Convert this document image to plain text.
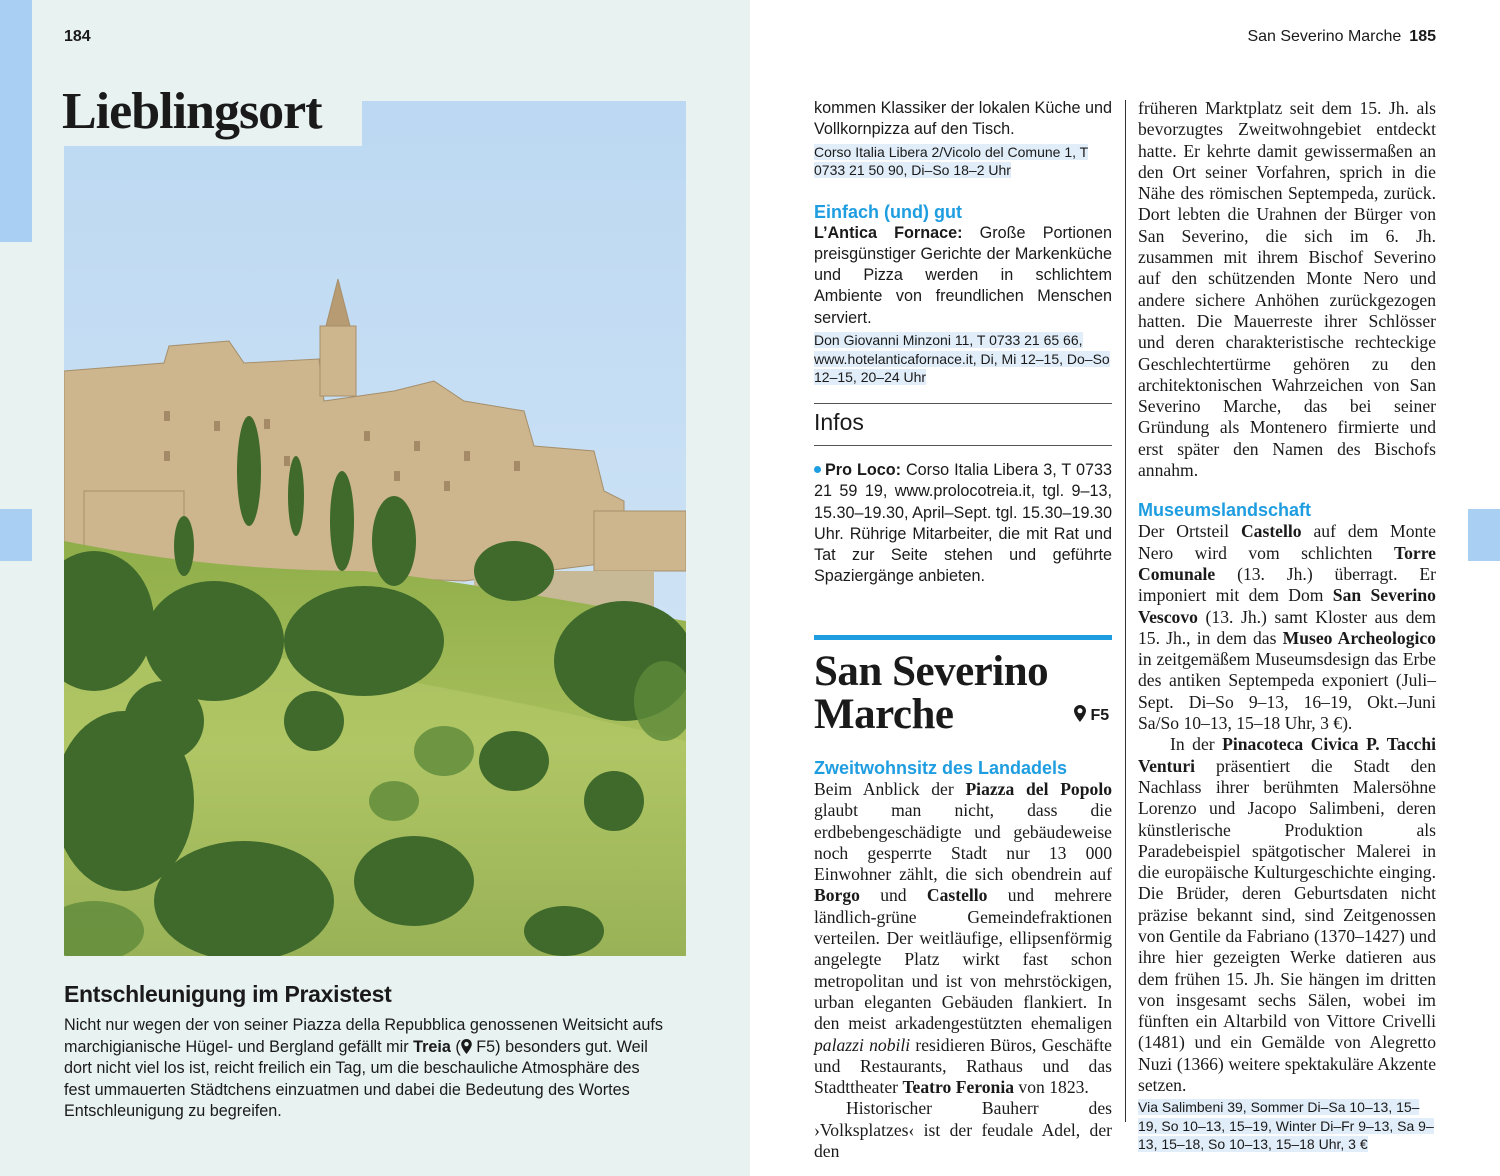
184
Lieblingsort
Entschleunigung im Praxistest
Nicht nur wegen der von seiner Piazza della Repubblica genossenen Weitsicht aufs marchigianische Hügel- und Bergland gefällt mir Treia ( F5) besonders gut. Weil dort nicht viel los ist, reicht freilich ein Tag, um die beschauliche Atmosphäre des fest ummauerten Städtchens einzuatmen und dabei die Bedeutung des Wortes Entschleunigung zu begreifen.
San Severino Marche 185
kommen Klassiker der lokalen Küche und Vollkornpizza auf den Tisch.
Corso Italia Libera 2/Vicolo del Comune 1, T 0733 21 50 90, Di–So 18–2 Uhr
Einfach (und) gut
L’Antica Fornace: Große Portionen preisgünstiger Gerichte der Markenküche und Pizza werden in schlichtem Ambiente von freundlichen Menschen serviert.
Don Giovanni Minzoni 11, T 0733 21 65 66, www.hotelanticafornace.it, Di, Mi 12–15, Do–So 12–15, 20–24 Uhr
Infos
Pro Loco: Corso Italia Libera 3, T 0733 21 59 19, www.prolocotreia.it, tgl. 9–13, 15.30–19.30, April–Sept. tgl. 15.30–19.30 Uhr. Rührige Mitarbeiter, die mit Rat und Tat zur Seite stehen und geführte Spaziergänge anbieten.
San Severino
Marche	F5
Zweitwohnsitz des Landadels
Beim Anblick der Piazza del Popolo glaubt man nicht, dass die erdbebengeschädigte und gebäudeweise noch gesperrte Stadt nur 13 000 Einwohner zählt, die sich obendrein auf Borgo und Castello und mehrere ländlich-grüne Gemeindefraktionen verteilen. Der weitläufige, ellipsenförmig angelegte Platz wirkt fast schon metropolitan und ist von mehrstöckigen, urban eleganten Gebäuden flankiert. In den meist arkadengestützten ehemaligen palazzi nobili residieren Büros, Geschäfte und Restaurants, Rathaus und das Stadttheater Teatro Feronia von 1823.
Historischer Bauherr des ›Volksplatzes‹ ist der feudale Adel, der den
früheren Marktplatz seit dem 15. Jh. als bevorzugtes Zweitwohngebiet entdeckt hatte. Er kehrte damit gewissermaßen an den Ort seiner Vorfahren, sprich in die Nähe des römischen Septempeda, zurück. Dort lebten die Urahnen der Bürger von San Severino, die sich im 6. Jh. zusammen mit ihrem Bischof Severino auf den schützenden Monte Nero und andere sichere Anhöhen zurückgezogen hatten. Die Mauerreste ihrer Schlösser und deren charakteristische rechteckige Geschlechtertürme gehören zu den architektonischen Wahrzeichen von San Severino Marche, das bei seiner Gründung als Montenero firmierte und erst später den Namen des Bischofs annahm.
Museumslandschaft
Der Ortsteil Castello auf dem Monte Nero wird vom schlichten Torre Comunale (13. Jh.) überragt. Er imponiert mit dem Dom San Severino Vescovo (13. Jh.) samt Kloster aus dem 15. Jh., in dem das Museo Archeologico in zeitgemäßem Museumsdesign das Erbe des antiken Septempeda exponiert (Juli–Sept. Di–So 9–13, 16–19, Okt.–Juni Sa/So 10–13, 15–18 Uhr, 3 €).
In der Pinacoteca Civica P. Tacchi Venturi präsentiert die Stadt den Nachlass ihrer berühmten Malersöhne Lorenzo und Jacopo Salimbeni, deren künstlerische Produktion als Paradebeispiel spätgotischer Malerei in die europäische Kulturgeschichte einging. Die Brüder, deren Geburtsdaten nicht präzise bekannt sind, sind Zeitgenossen von Gentile da Fabriano (1370–1427) und ihre hier gezeigten Werke datieren aus dem frühen 15. Jh. Sie hängen im dritten von insgesamt sechs Sälen, wobei im fünften ein Altarbild von Vittore Crivelli (1481) und ein Gemälde von Alegretto Nuzi (1366) weitere spektakuläre Akzente setzen.
Via Salimbeni 39, Sommer Di–Sa 10–13, 15–19, So 10–13, 15–19, Winter Di–Fr 9–13, Sa 9–13, 15–18, So 10–13, 15–18 Uhr, 3 €
